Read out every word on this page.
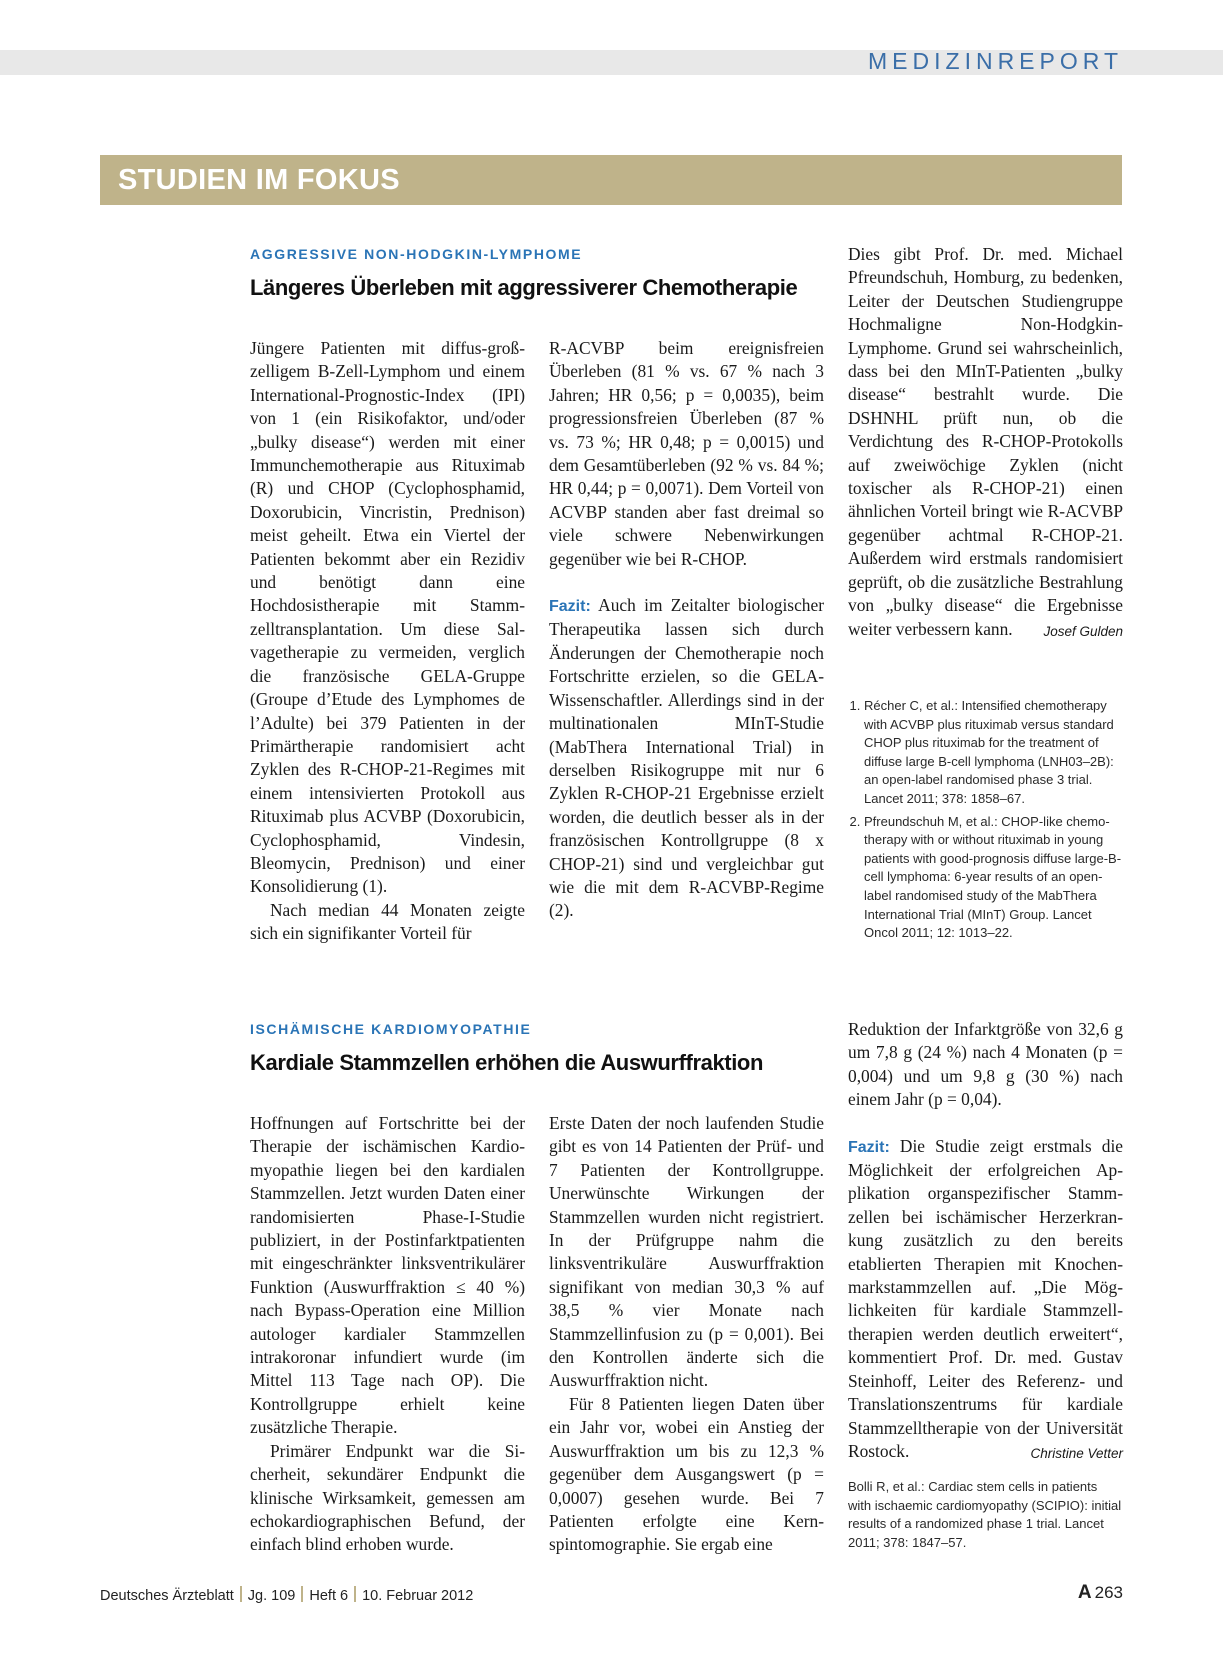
MEDIZINREPORT
STUDIEN IM FOKUS
AGGRESSIVE NON-HODGKIN-LYMPHOME
Längeres Überleben mit aggressiverer Chemotherapie

Jüngere Patienten mit diffus-großzelligem B-Zell-Lymphom und einem International-Prognostic-Index (IPI) von 1 (ein Risikofaktor, und/oder „bulky disease“) werden mit einer Immunchemotherapie aus Rituximab (R) und CHOP (Cyclophosphamid, Doxorubicin, Vincristin, Prednison) meist geheilt. Etwa ein Viertel der Patienten bekommt aber ein Rezidiv und benötigt dann eine Hochdosistherapie mit Stammzelltransplantation. Um diese Salvagetherapie zu vermeiden, verglich die französische GELA-Gruppe (Groupe d’Etude des Lymphomes de l’Adulte) bei 379 Patienten in der Primärtherapie randomisiert acht Zyklen des R-CHOP-21-Regimes mit einem intensivierten Protokoll aus Rituximab plus ACVBP (Doxorubicin, Cyclophosphamid, Vindesin, Bleomycin, Prednison) und einer Konsolidierung (1).

Nach median 44 Monaten zeigte sich ein signifikanter Vorteil für

R-ACVBP beim ereignisfreien Überleben (81 % vs. 67 % nach 3 Jahren; HR 0,56; p = 0,0035), beim progressionsfreien Überleben (87 % vs. 73 %; HR 0,48; p = 0,0015) und dem Gesamtüberleben (92 % vs. 84 %; HR 0,44; p = 0,0071). Dem Vorteil von ACVBP standen aber fast dreimal so viele schwere Nebenwirkungen gegenüber wie bei R-CHOP.

Fazit: Auch im Zeitalter biologischer Therapeutika lassen sich durch Änderungen der Chemotherapie noch Fortschritte erzielen, so die GELA-Wissenschaftler. Allerdings sind in der multinationalen MInT-Studie (MabThera International Trial) in derselben Risikogruppe mit nur 6 Zyklen R-CHOP-21 Ergebnisse erzielt worden, die deutlich besser als in der französischen Kontrollgruppe (8 x CHOP-21) sind und vergleichbar gut wie die mit dem R-ACVBP-Regime (2).

Dies gibt Prof. Dr. med. Michael Pfreundschuh, Homburg, zu bedenken, Leiter der Deutschen Studiengruppe Hochmaligne Non-Hodgkin-Lymphome. Grund sei wahrscheinlich, dass bei den MInT-Patienten „bulky disease“ bestrahlt wurde. Die DSHNHL prüft nun, ob die Verdichtung des R-CHOP-Protokolls auf zweiwöchige Zyklen (nicht toxischer als R-CHOP-21) einen ähnlichen Vorteil bringt wie R-ACVBP gegenüber achtmal R-CHOP-21. Außerdem wird erstmals randomisiert geprüft, ob die zusätzliche Bestrahlung von „bulky disease“ die Ergebnisse weiter verbessern kann. Josef Gulden

1. Récher C, et al.: Intensified chemotherapy with ACVBP plus rituximab versus standard CHOP plus rituximab for the treatment of diffuse large B-cell lymphoma (LNH03–2B): an open-label randomised phase 3 trial. Lancet 2011; 378: 1858–67.
2. Pfreundschuh M, et al.: CHOP-like chemotherapy with or without rituximab in young patients with good-prognosis diffuse large-B-cell lymphoma: 6-year results of an open-label randomised study of the MabThera International Trial (MInT) Group. Lancet Oncol 2011; 12: 1013–22.
ISCHÄMISCHE KARDIOMYOPATHIE
Kardiale Stammzellen erhöhen die Auswurffraktion

Hoffnungen auf Fortschritte bei der Therapie der ischämischen Kardiomyopathie liegen bei den kardialen Stammzellen. Jetzt wurden Daten einer randomisierten Phase-I-Studie publiziert, in der Postinfarktpatienten mit eingeschränkter linksventrikulärer Funktion (Auswurffraktion ≤ 40 %) nach Bypass-Operation eine Million autologer kardialer Stammzellen intrakoronar infundiert wurde (im Mittel 113 Tage nach OP). Die Kontrollgruppe erhielt keine zusätzliche Therapie.

Primärer Endpunkt war die Sicherheit, sekundärer Endpunkt die klinische Wirksamkeit, gemessen am echokardiographischen Befund, der einfach blind erhoben wurde.

Erste Daten der noch laufenden Studie gibt es von 14 Patienten der Prüf- und 7 Patienten der Kontrollgruppe. Unerwünschte Wirkungen der Stammzellen wurden nicht registriert. In der Prüfgruppe nahm die linksventrikuläre Auswurffraktion signifikant von median 30,3 % auf 38,5 % vier Monate nach Stammzellinfusion zu (p = 0,001). Bei den Kontrollen änderte sich die Auswurffraktion nicht.

Für 8 Patienten liegen Daten über ein Jahr vor, wobei ein Anstieg der Auswurffraktion um bis zu 12,3 % gegenüber dem Ausgangswert (p = 0,0007) gesehen wurde. Bei 7 Patienten erfolgte eine Kernspintomographie. Sie ergab eine

Reduktion der Infarktgröße von 32,6 g um 7,8 g (24 %) nach 4 Monaten (p = 0,004) und um 9,8 g (30 %) nach einem Jahr (p = 0,04).

Fazit: Die Studie zeigt erstmals die Möglichkeit der erfolgreichen Applikation organspezifischer Stammzellen bei ischämischer Herzerkrankung zusätzlich zu den bereits etablierten Therapien mit Knochenmarkstammzellen auf. „Die Möglichkeiten für kardiale Stammzelltherapien werden deutlich erweitert“, kommentiert Prof. Dr. med. Gustav Steinhoff, Leiter des Referenz- und Translationszentrums für kardiale Stammzelltherapie von der Universität Rostock.	Christine Vetter

Bolli R, et al.: Cardiac stem cells in patients with ischaemic cardiomyopathy (SCIPIO): initial results of a randomized phase 1 trial. Lancet 2011; 378: 1847–57.

Deutsches Ärzteblatt Jg. 109 Heft 6 10. Februar 2012	A 263
